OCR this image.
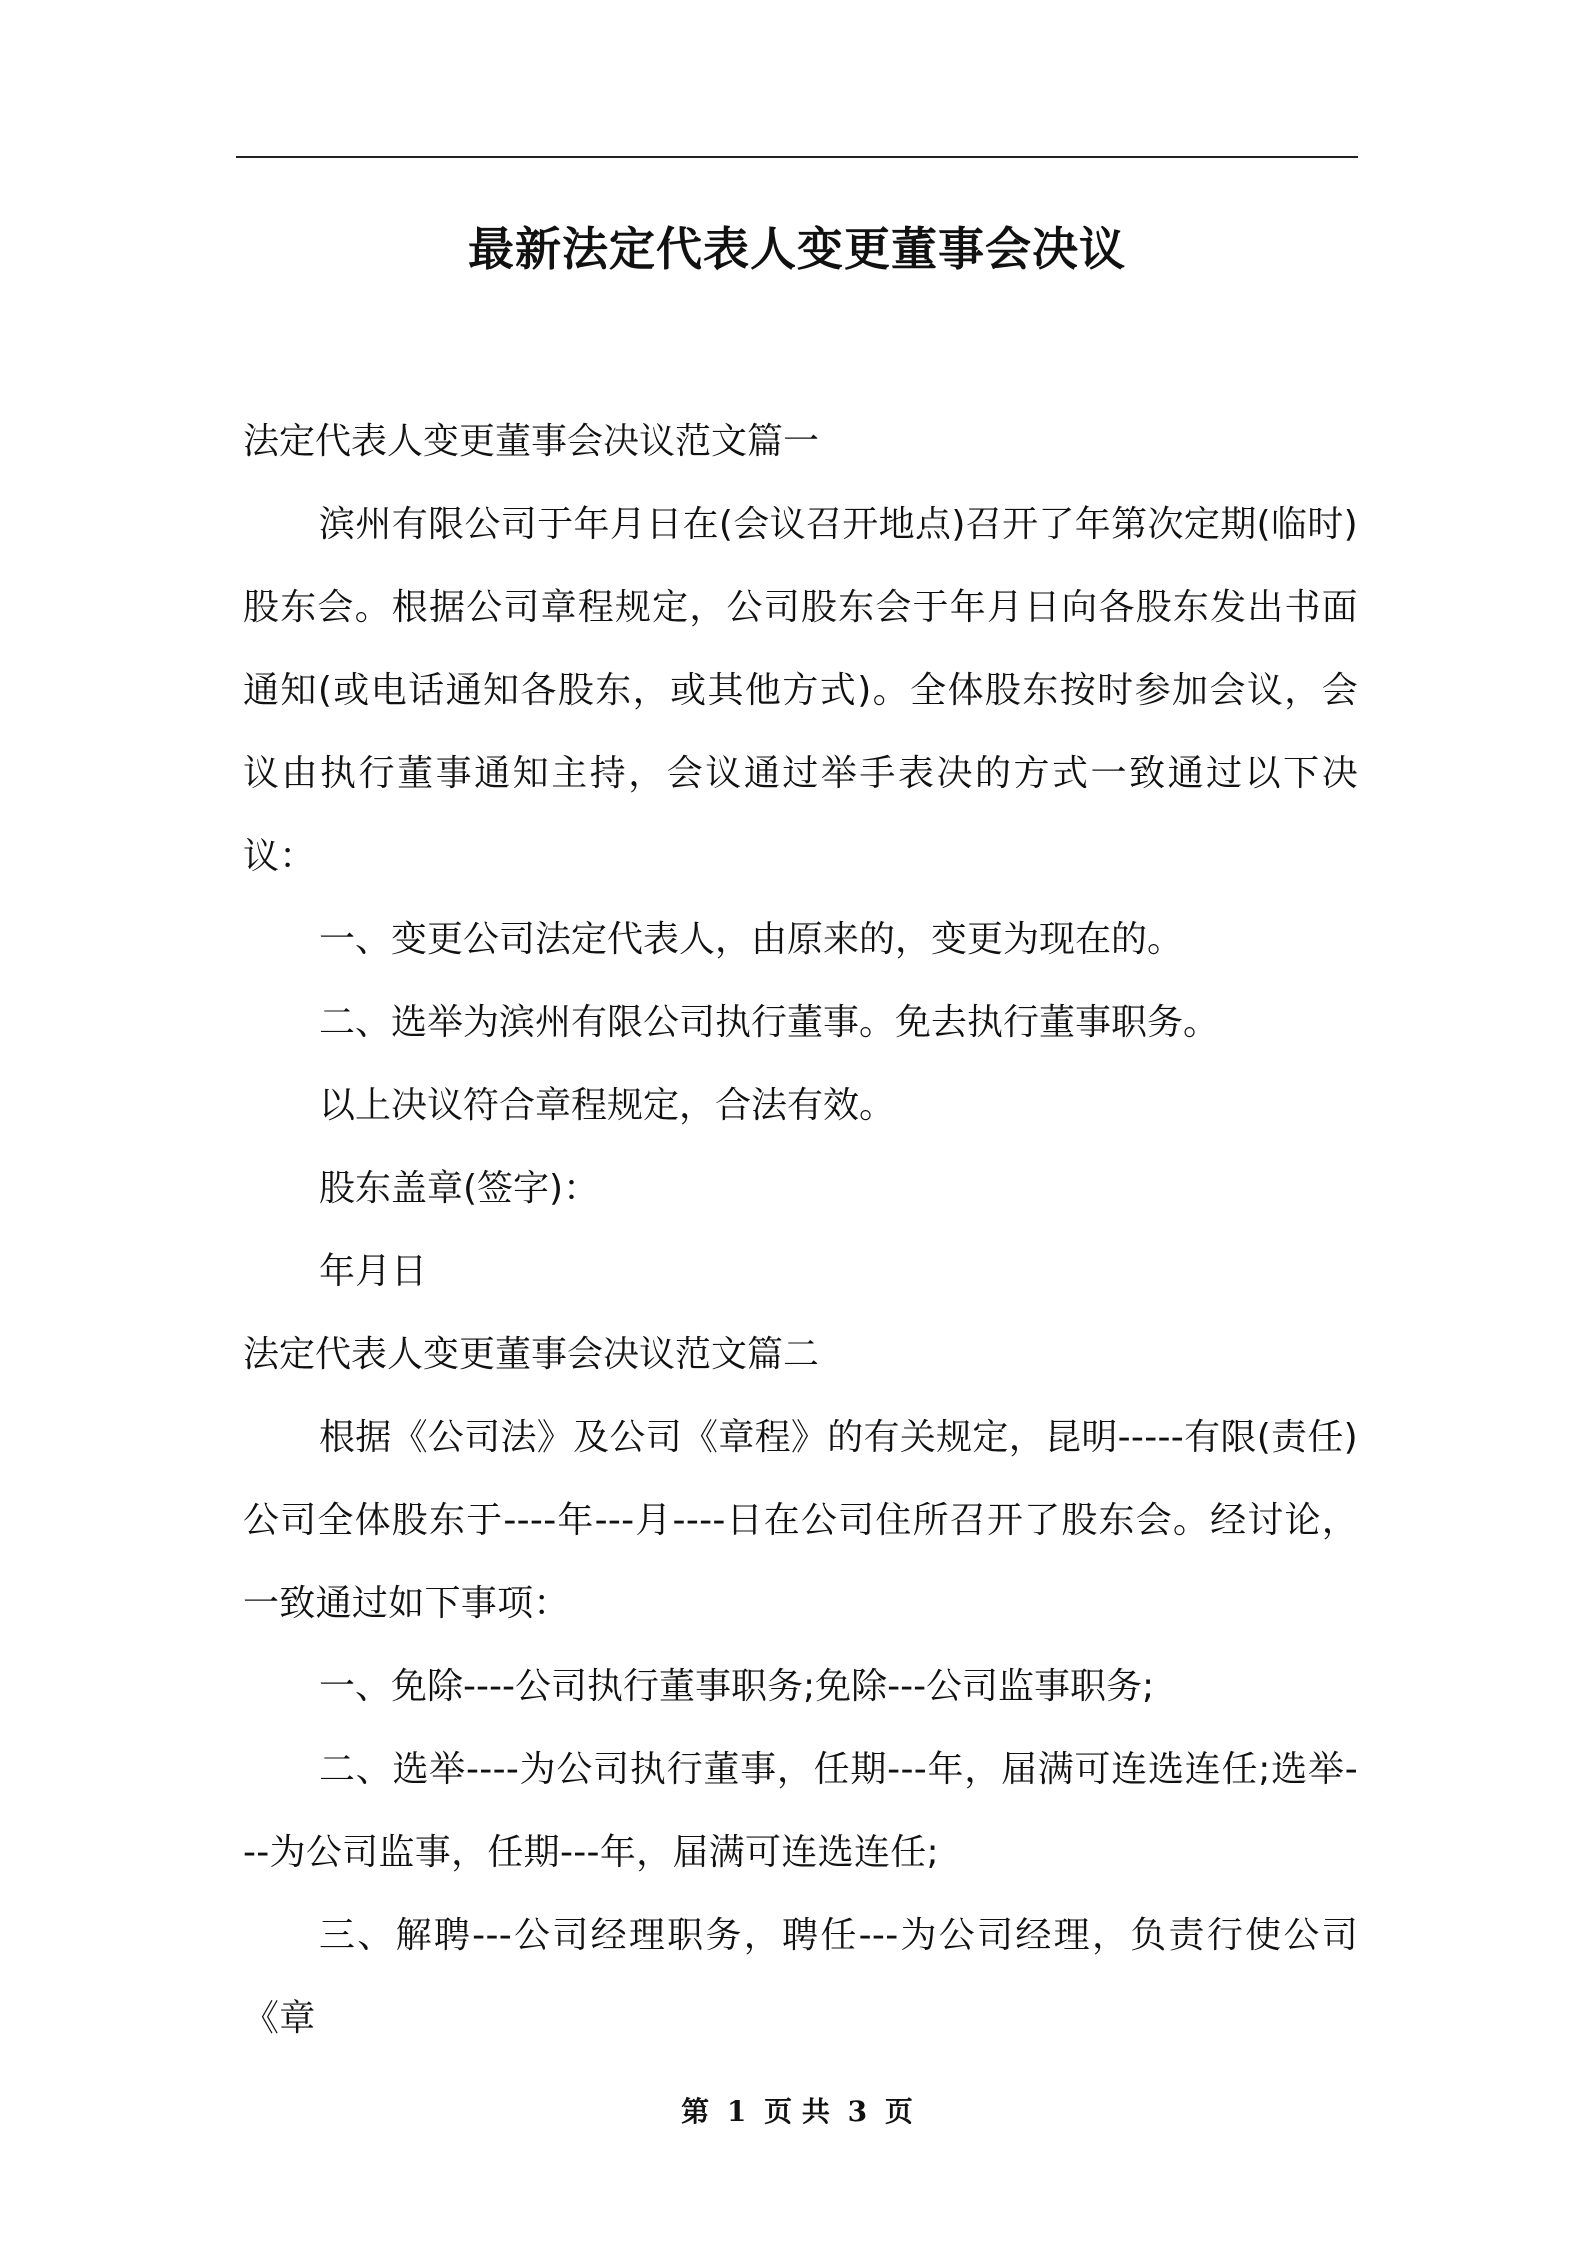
最新法定代表人变更董事会决议

法定代表人变更董事会决议范文篇一

滨州有限公司于年月日在(会议召开地点)召开了年第次定期(临时)股东会。根据公司章程规定，公司股东会于年月日向各股东发出书面通知(或电话通知各股东，或其他方式)。全体股东按时参加会议，会议由执行董事通知主持，会议通过举手表决的方式一致通过以下决议：

一、变更公司法定代表人，由原来的，变更为现在的。

二、选举为滨州有限公司执行董事。免去执行董事职务。

以上决议符合章程规定，合法有效。

股东盖章(签字)：

年月日

法定代表人变更董事会决议范文篇二

根据《公司法》及公司《章程》的有关规定，昆明-----有限(责任)公司全体股东于----年---月----日在公司住所召开了股东会。经讨论，一致通过如下事项：

一、免除----公司执行董事职务;免除---公司监事职务;

二、选举----为公司执行董事，任期---年，届满可连选连任;选举---为公司监事，任期---年，届满可连选连任;

三、解聘---公司经理职务，聘任---为公司经理，负责行使公司《章

第 1 页 共 3 页
